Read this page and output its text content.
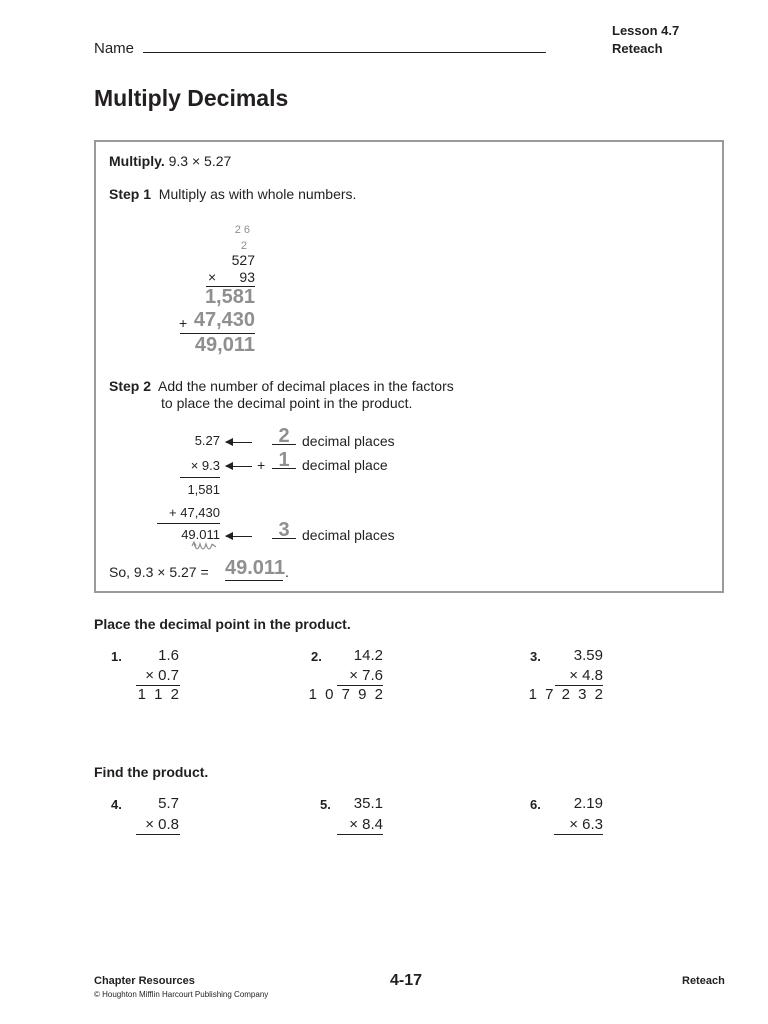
Lesson 4.7
Reteach
Name
Multiply Decimals
Multiply. 9.3 × 5.27
Step 1 Multiply as with whole numbers.
2 6
2
527
×	93
1,581
+ 47,430
49,011
Step 2 Add the number of decimal places in the factors
to place the decimal point in the product.
5.27	2 decimal places
× 9.3	+ 1 decimal place
1,581
+ 47,430
49.011	3 decimal places
So, 9.3 × 5.27 = 49.011 .
Place the decimal point in the product.
1.	1.6
× 0.7
1 1 2
2.	14.2
× 7.6
1 0 7 9 2
3.	3.59
× 4.8
1 7 2 3 2
Find the product.
4.	5.7
× 0.8
5.	35.1
× 8.4
6.	2.19
× 6.3
Chapter Resources
© Houghton Mifflin Harcourt Publishing Company
4-17	Reteach
